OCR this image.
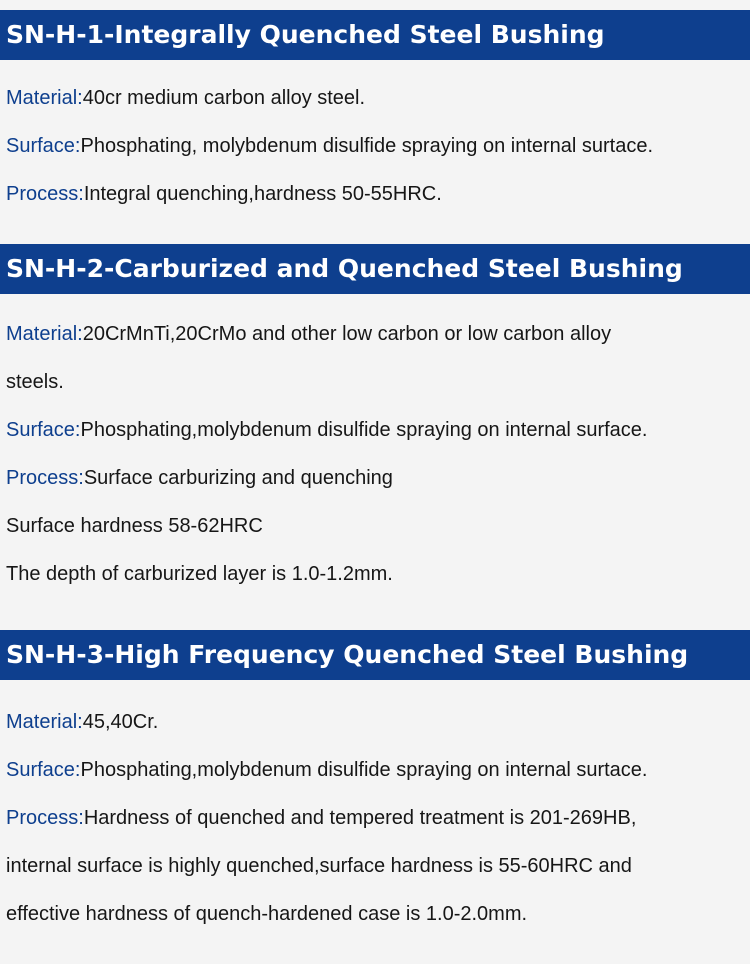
SN-H-1-Integrally Quenched Steel Bushing
Material:40cr medium carbon alloy steel.
Surface:Phosphating, molybdenum disulfide spraying on internal surtace.
Process:Integral quenching,hardness 50-55HRC.
SN-H-2-Carburized and Quenched Steel Bushing
Material:20CrMnTi,20CrMo and other low carbon or low carbon alloy
steels.
Surface:Phosphating,molybdenum disulfide spraying on internal surface.
Process:Surface carburizing and quenching
Surface hardness 58-62HRC
The depth of carburized layer is 1.0-1.2mm.
SN-H-3-High Frequency Quenched Steel Bushing
Material:45,40Cr.
Surface:Phosphating,molybdenum disulfide spraying on internal surtace.
Process:Hardness of quenched and tempered treatment is 201-269HB,
internal surface is highly quenched,surface hardness is 55-60HRC and
effective hardness of quench-hardened case is 1.0-2.0mm.
